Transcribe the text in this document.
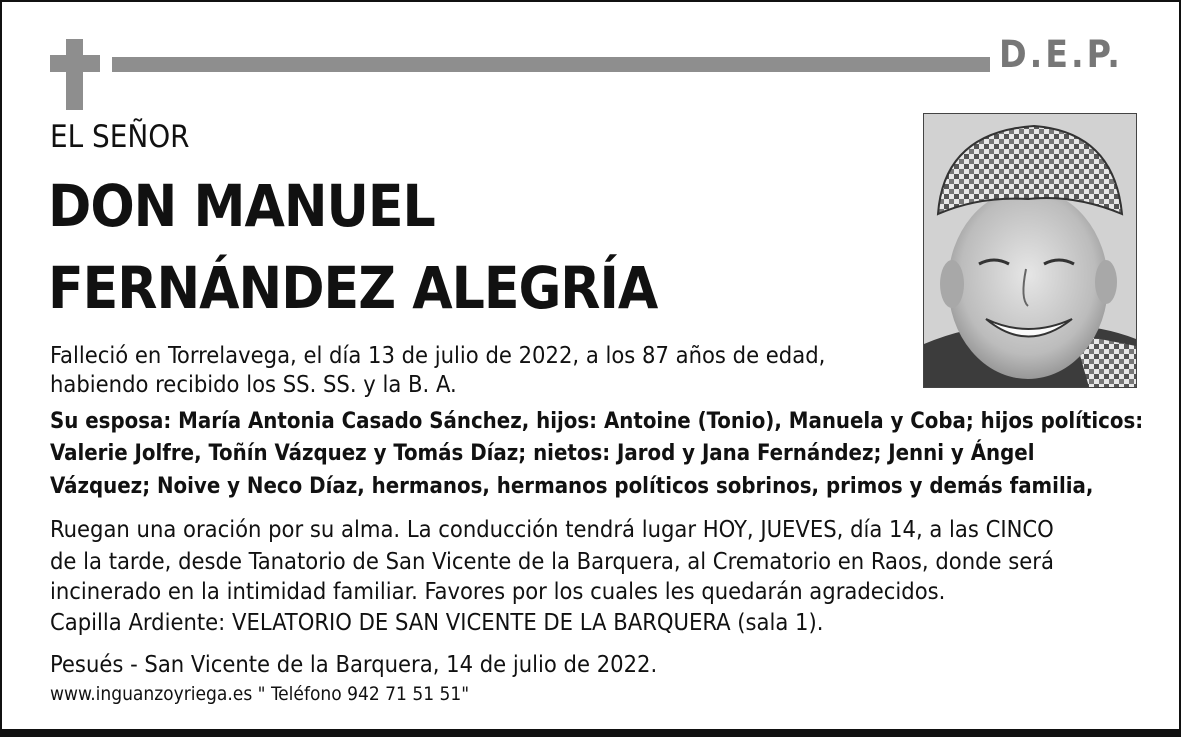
D.E.P.
EL SEÑOR
DON MANUEL
FERNÁNDEZ ALEGRÍA
Falleció en Torrelavega, el día 13 de julio de 2022, a los 87 años de edad,
habiendo recibido los SS. SS. y la B. A.
Su esposa: María Antonia Casado Sánchez, hijos: Antoine (Tonio), Manuela y Coba; hijos políticos:
Valerie Jolfre, Toñín Vázquez y Tomás Díaz; nietos: Jarod y Jana Fernández; Jenni y Ángel
Vázquez; Noive y Neco Díaz, hermanos, hermanos políticos sobrinos, primos y demás familia,
Ruegan una oración por su alma. La conducción tendrá lugar HOY, JUEVES, día 14, a las CINCO
de la tarde, desde Tanatorio de San Vicente de la Barquera, al Crematorio en Raos, donde será
incinerado en la intimidad familiar. Favores por los cuales les quedarán agradecidos.
Capilla Ardiente: VELATORIO DE SAN VICENTE DE LA BARQUERA (sala 1).
Pesués - San Vicente de la Barquera, 14 de julio de 2022.
www.inguanzoyriega.es " Teléfono 942 71 51 51"
